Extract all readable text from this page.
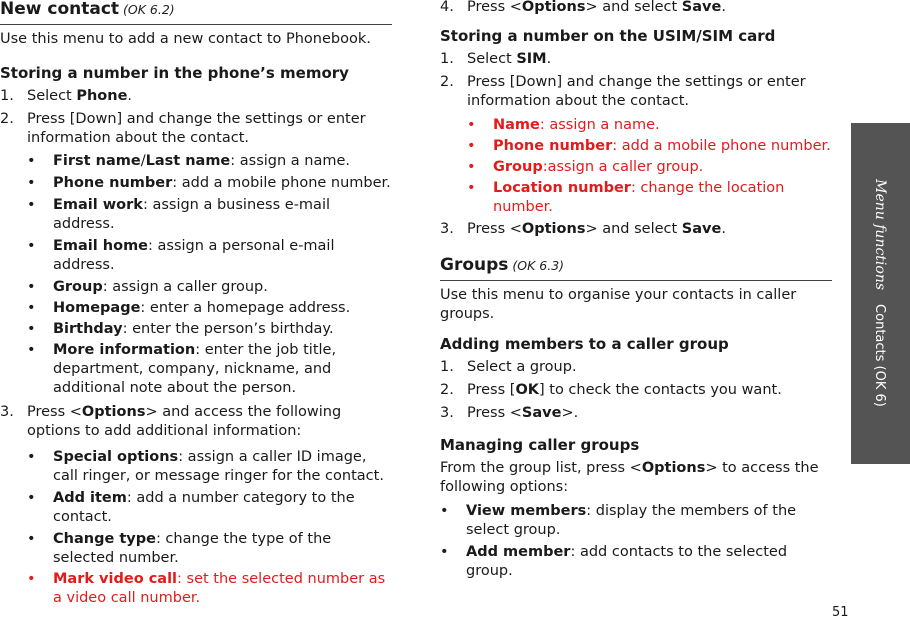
New contact (OK 6.2)
Use this menu to add a new contact to Phonebook.
Storing a number in the phone’s memory
1. Select Phone.
2. Press [Down] and change the settings or enter information about the contact.
• First name/Last name: assign a name.
• Phone number: add a mobile phone number.
• Email work: assign a business e-mail address.
• Email home: assign a personal e-mail address.
• Group: assign a caller group.
• Homepage: enter a homepage address.
• Birthday: enter the person’s birthday.
• More information: enter the job title, department, company, nickname, and additional note about the person.
3. Press <Options> and access the following options to add additional information:
• Special options: assign a caller ID image, call ringer, or message ringer for the contact.
• Add item: add a number category to the contact.
• Change type: change the type of the selected number.
• Mark video call: set the selected number as a video call number.
4. Press <Options> and select Save.
Storing a number on the USIM/SIM card
1. Select SIM.
2. Press [Down] and change the settings or enter information about the contact.
• Name: assign a name.
• Phone number: add a mobile phone number.
• Group:assign a caller group.
• Location number: change the location number.
3. Press <Options> and select Save.
Groups (OK 6.3)
Use this menu to organise your contacts in caller groups.
Adding members to a caller group
1. Select a group.
2. Press [OK] to check the contacts you want.
3. Press <Save>.
Managing caller groups
From the group list, press <Options> to access the following options:
• View members: display the members of the select group.
• Add member: add contacts to the selected group.
Menu functionsContacts (OK 6)
51
